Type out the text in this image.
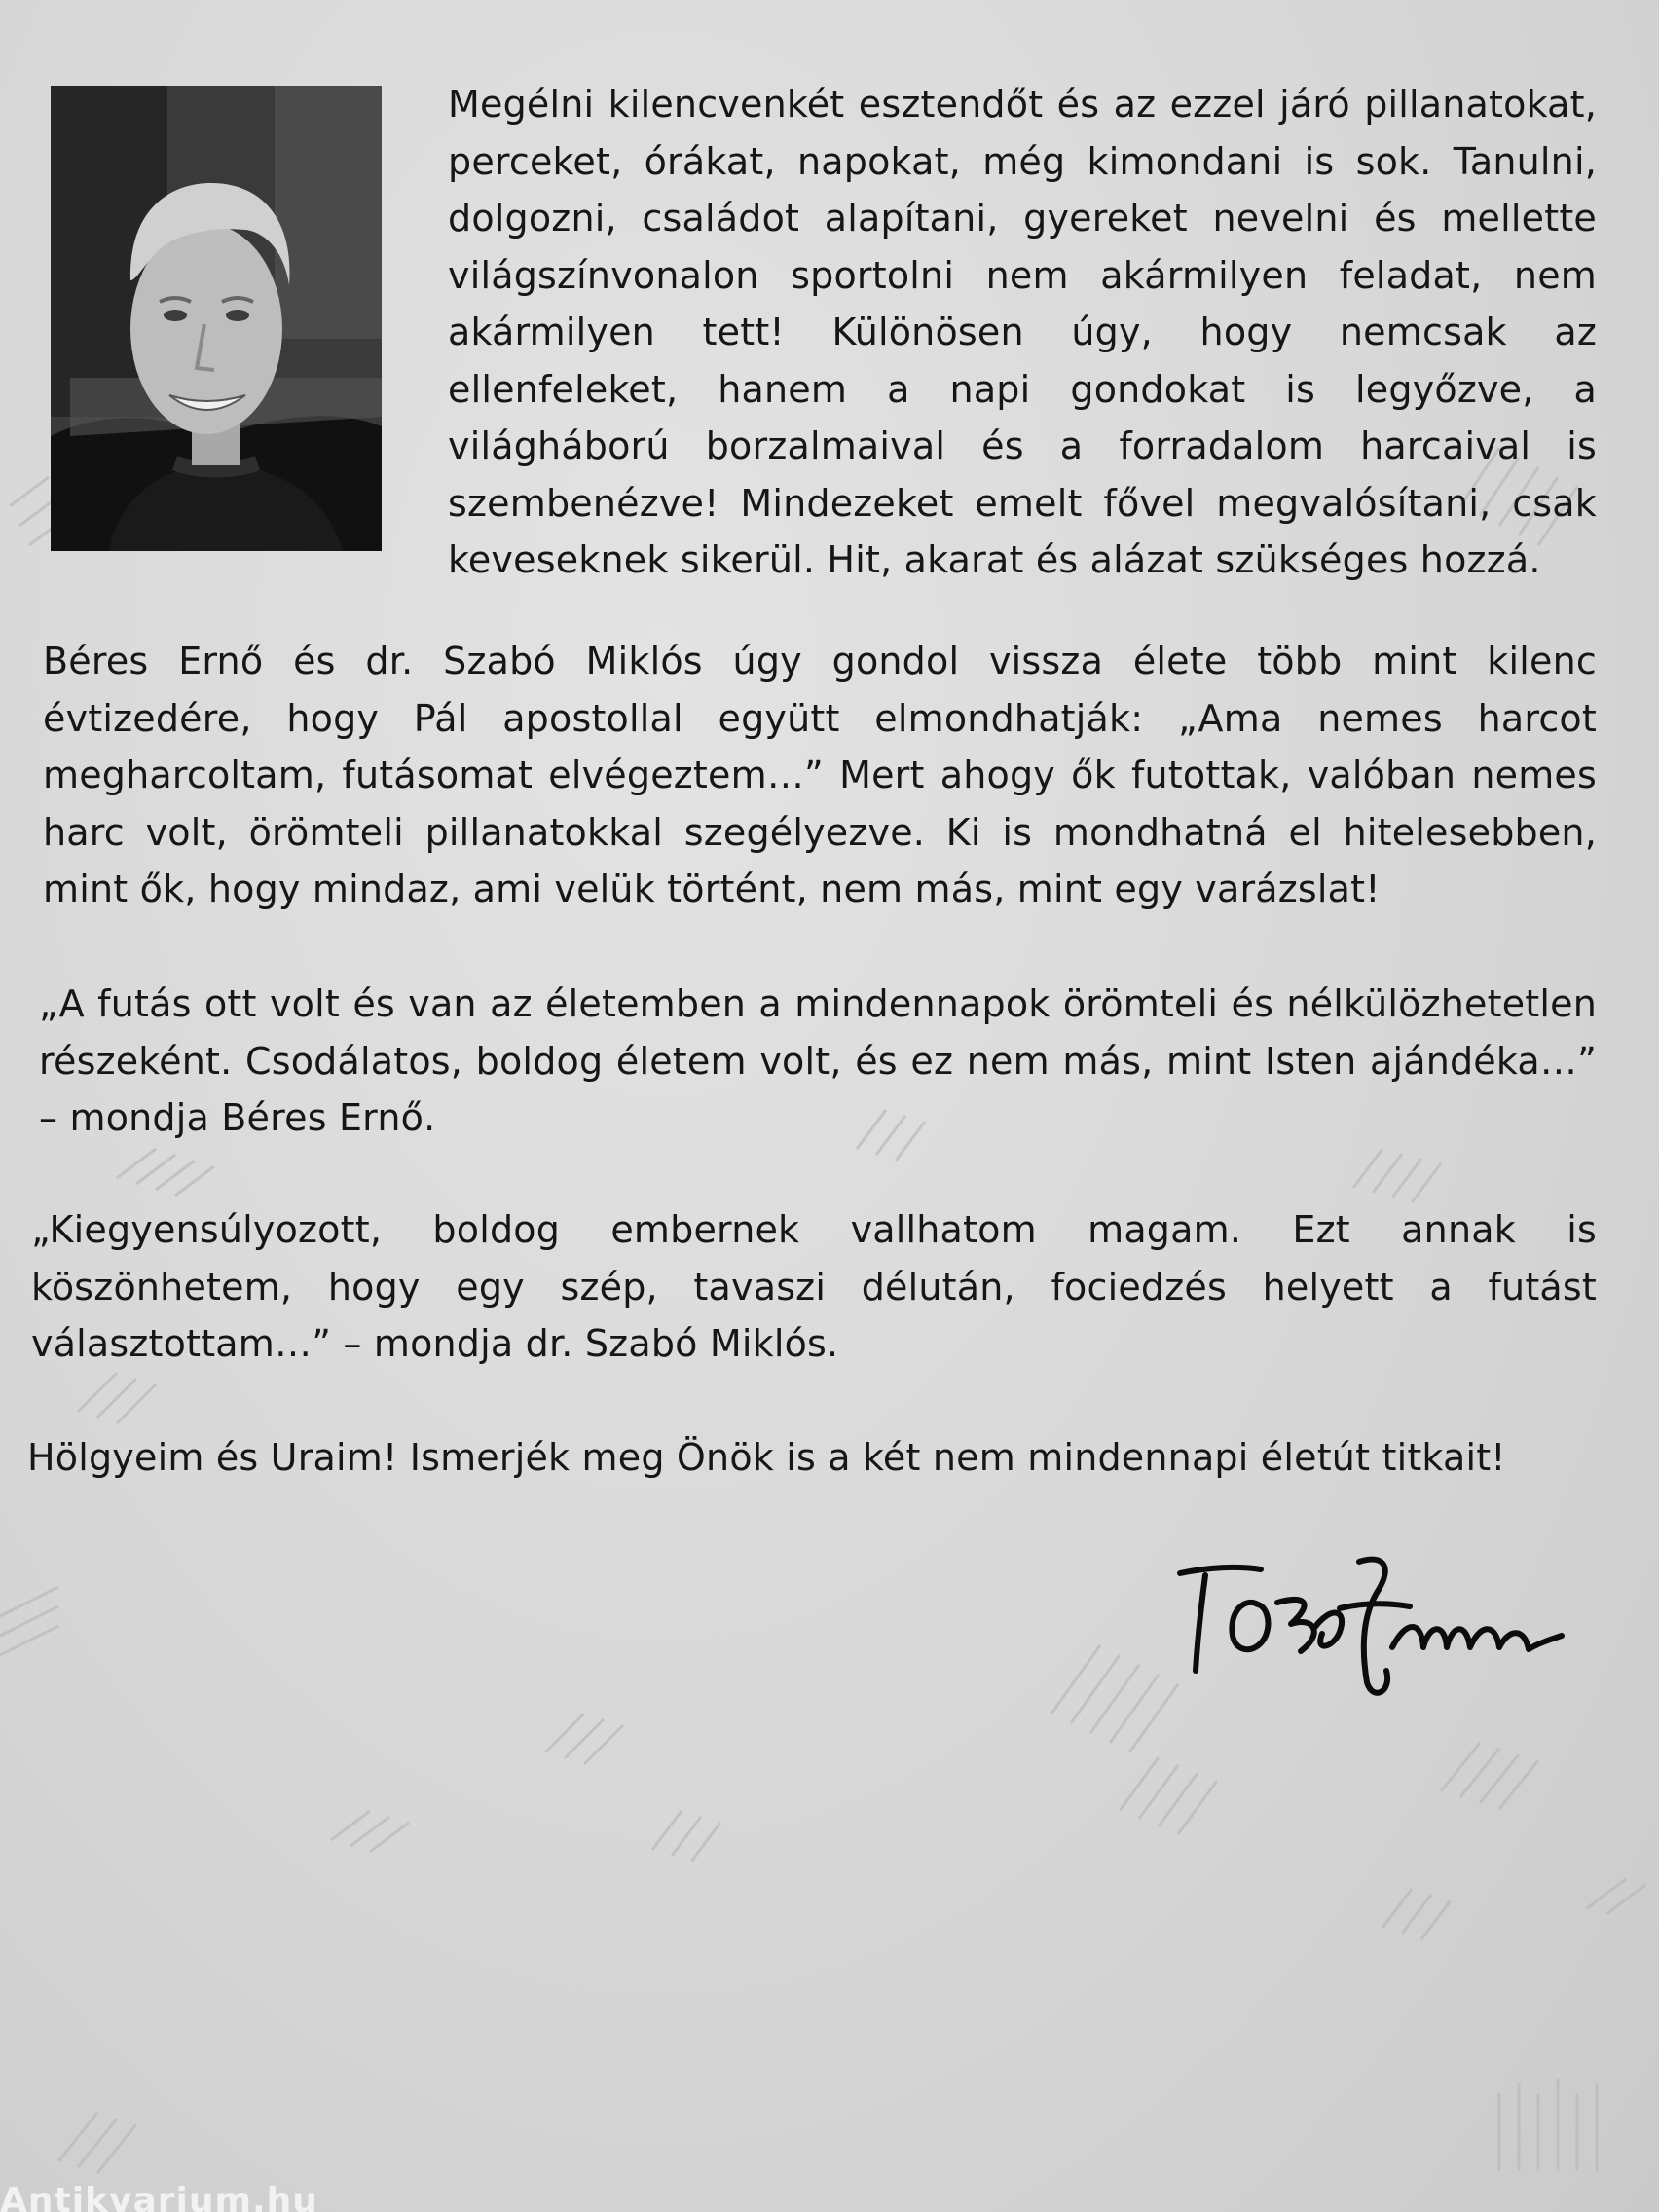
Megélni kilencvenkét esztendőt és az ezzel járó pillanatokat, perceket, órákat, napokat, még kimondani is sok. Tanulni, dolgozni, családot alapítani, gyereket nevelni és mellette világszínvonalon sportolni nem akármilyen feladat, nem akármilyen tett! Különösen úgy, hogy nemcsak az ellenfeleket, hanem a napi gondokat is legyőzve, a világháború borzalmaival és a forradalom harcaival is szembenézve! Mindezeket emelt fővel megvalósítani, csak keveseknek sikerül. Hit, akarat és alázat szükséges hozzá.

Béres Ernő és dr. Szabó Miklós úgy gondol vissza élete több mint kilenc évtizedére, hogy Pál apostollal együtt elmondhatják: „Ama nemes harcot megharcoltam, futásomat elvégeztem…” Mert ahogy ők futottak, valóban nemes harc volt, örömteli pillanatokkal szegélyezve. Ki is mondhatná el hitelesebben, mint ők, hogy mindaz, ami velük történt, nem más, mint egy varázslat!

„A futás ott volt és van az életemben a mindennapok örömteli és nélkülözhetetlen részeként. Csodálatos, boldog életem volt, és ez nem más, mint Isten ajándéka…” – mondja Béres Ernő.

„Kiegyensúlyozott, boldog embernek vallhatom magam. Ezt annak is köszönhetem, hogy egy szép, tavaszi délután, fociedzés helyett a futást választottam…” – mondja dr. Szabó Miklós.

Hölgyeim és Uraim! Ismerjék meg Önök is a két nem mindennapi életút titkait!

Antikvarium.hu
